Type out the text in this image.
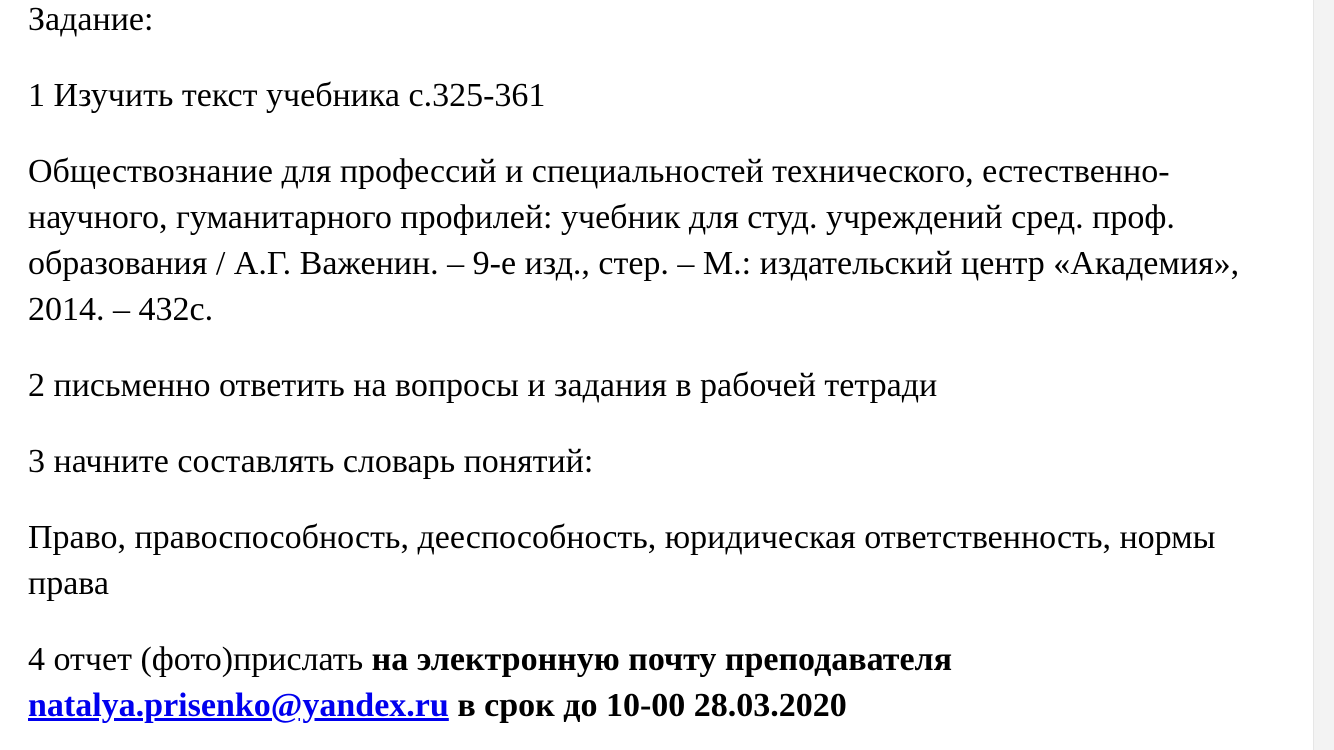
Задание:

1 Изучить текст учебника с.325-361

Обществознание для профессий и специальностей технического, естественно-научного, гуманитарного профилей: учебник для студ. учреждений сред. проф. образования / А.Г. Важенин. – 9-е изд., стер. – М.: издательский центр «Академия», 2014. – 432с.

2 письменно ответить на вопросы и задания в рабочей тетради

3 начните составлять словарь понятий:

Право, правоспособность, дееспособность, юридическая ответственность, нормы права

4 отчет (фото)прислать на электронную почту преподавателя
natalya.prisenko@yandex.ru в срок до 10-00 28.03.2020
